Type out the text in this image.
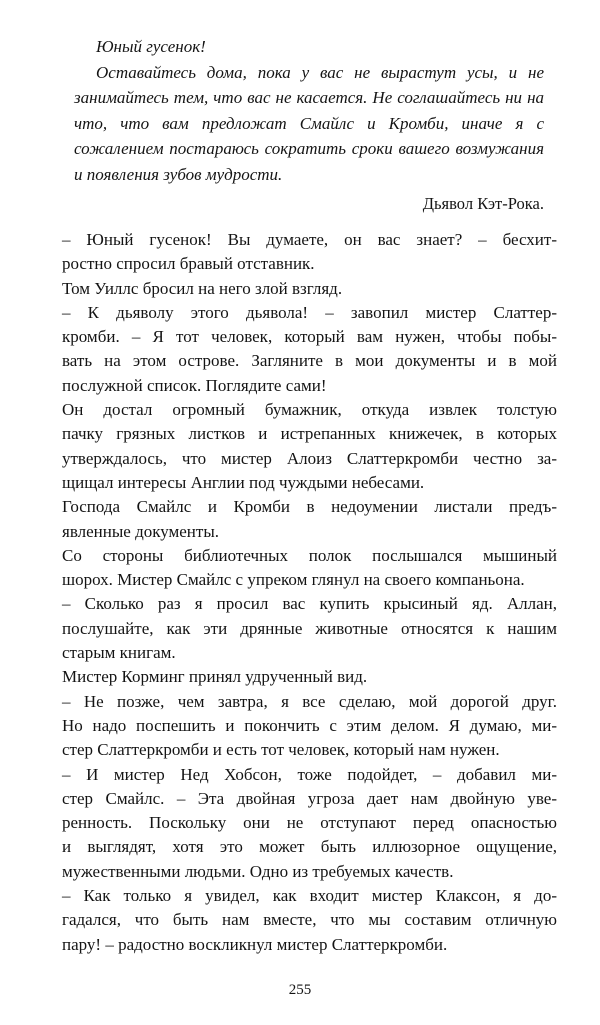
Юный гусенок!

Оставайтесь дома, пока у вас не вырастут усы, и не занимайтесь тем, что вас не касается. Не соглашайтесь ни на что, что вам предложат Смайлс и Кромби, иначе я с сожалением постараюсь сократить сроки вашего возмужания и появления зубов мудрости.

Дьявол Кэт-Рока.

– Юный гусенок! Вы думаете, он вас знает? – бесхит-
ростно спросил бравый отставник.

Том Уиллс бросил на него злой взгляд.

– К дьяволу этого дьявола! – завопил мистер Слаттер-
кромби. – Я тот человек, который вам нужен, чтобы побы-
вать на этом острове. Загляните в мои документы и в мой
послужной список. Поглядите сами!

Он достал огромный бумажник, откуда извлек толстую
пачку грязных листков и истрепанных книжечек, в которых
утверждалось, что мистер Алоиз Слаттеркромби честно за-
щищал интересы Англии под чуждыми небесами.

Господа Смайлс и Кромби в недоумении листали предъ-
явленные документы.

Со стороны библиотечных полок послышался мышиный
шорох. Мистер Смайлс с упреком глянул на своего компаньона.

– Сколько раз я просил вас купить крысиный яд. Аллан,
послушайте, как эти дрянные животные относятся к нашим
старым книгам.

Мистер Корминг принял удрученный вид.

– Не позже, чем завтра, я все сделаю, мой дорогой друг.
Но надо поспешить и покончить с этим делом. Я думаю, ми-
стер Слаттеркромби и есть тот человек, который нам нужен.

– И мистер Нед Хобсон, тоже подойдет, – добавил ми-
стер Смайлс. – Эта двойная угроза дает нам двойную уве-
ренность. Поскольку они не отступают перед опасностью
и выглядят, хотя это может быть иллюзорное ощущение,
мужественными людьми. Одно из требуемых качеств.

– Как только я увидел, как входит мистер Клаксон, я до-
гадался, что быть нам вместе, что мы составим отличную
пару! – радостно воскликнул мистер Слаттеркромби.

255
